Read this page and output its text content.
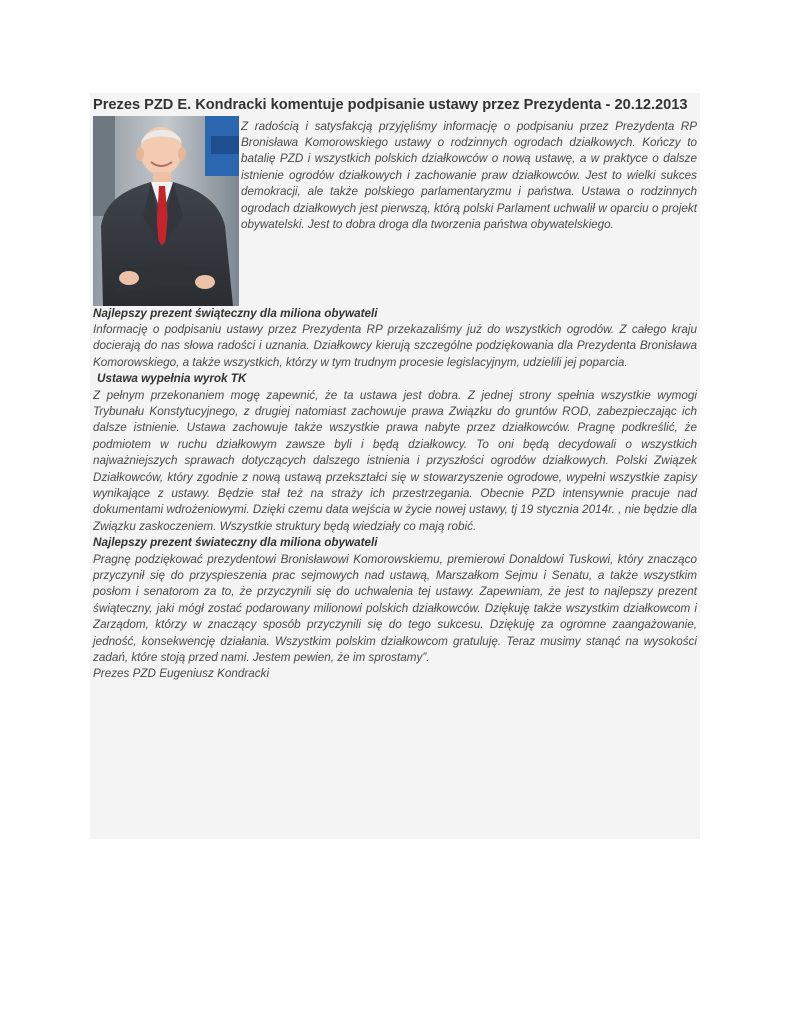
Prezes PZD E. Kondracki komentuje podpisanie ustawy przez Prezydenta - 20.12.2013

Z radością i satysfakcją przyjęliśmy informację o podpisaniu przez Prezydenta RP Bronisława Komorowskiego ustawy o rodzinnych ogrodach działkowych. Kończy to batalię PZD i wszystkich polskich działkowców o nową ustawę, a w praktyce o dalsze istnienie ogrodów działkowych i zachowanie praw działkowców. Jest to wielki sukces demokracji, ale także polskiego parlamentaryzmu i państwa. Ustawa o rodzinnych ogrodach działkowych jest pierwszą, którą polski Parlament uchwalił w oparciu o projekt obywatelski. Jest to dobra droga dla tworzenia państwa obywatelskiego.

Najlepszy prezent świąteczny dla miliona obywateli

Informację o podpisaniu ustawy przez Prezydenta RP przekazaliśmy już do wszystkich ogrodów. Z całego kraju docierają do nas słowa radości i uznania. Działkowcy kierują szczególne podziękowania dla Prezydenta Bronisława Komorowskiego, a także wszystkich, którzy w tym trudnym procesie legislacyjnym, udzielili jej poparcia.

Ustawa wypełnia wyrok TK

Z pełnym przekonaniem mogę zapewnić, że ta ustawa jest dobra. Z jednej strony spełnia wszystkie wymogi Trybunału Konstytucyjnego, z drugiej natomiast zachowuje prawa Związku do gruntów ROD, zabezpieczając ich dalsze istnienie. Ustawa zachowuje także wszystkie prawa nabyte przez działkowców. Pragnę podkreślić, że podmiotem w ruchu działkowym zawsze byli i będą działkowcy. To oni będą decydowali o wszystkich najważniejszych sprawach dotyczących dalszego istnienia i przyszłości ogrodów działkowych. Polski Związek Działkowców, który zgodnie z nową ustawą przekształci się w stowarzyszenie ogrodowe, wypełni wszystkie zapisy wynikające z ustawy. Będzie stał też na straży ich przestrzegania. Obecnie PZD intensywnie pracuje nad dokumentami wdrożeniowymi. Dzięki czemu data wejścia w życie nowej ustawy, tj 19 stycznia 2014r. , nie będzie dla Związku zaskoczeniem. Wszystkie struktury będą wiedziały co mają robić.

Najlepszy prezent świateczny dla miliona obywateli

Pragnę podziękować prezydentowi Bronisławowi Komorowskiemu, premierowi Donaldowi Tuskowi, który znacząco przyczynił się do przyspieszenia prac sejmowych nad ustawą, Marszałkom Sejmu i Senatu, a także wszystkim posłom i senatorom za to, że przyczynili się do uchwalenia tej ustawy. Zapewniam, że jest to najlepszy prezent świąteczny, jaki mógł zostać podarowany milionowi polskich działkowców. Dziękuję także wszystkim działkowcom i Zarządom, którzy w znaczący sposób przyczynili się do tego sukcesu. Dziękuję za ogromne zaangażowanie, jedność, konsekwencję działania. Wszystkim polskim działkowcom gratuluję. Teraz musimy stanąć na wysokości zadań, które stoją przed nami. Jestem pewien, że im sprostamy”.

Prezes PZD Eugeniusz Kondracki
